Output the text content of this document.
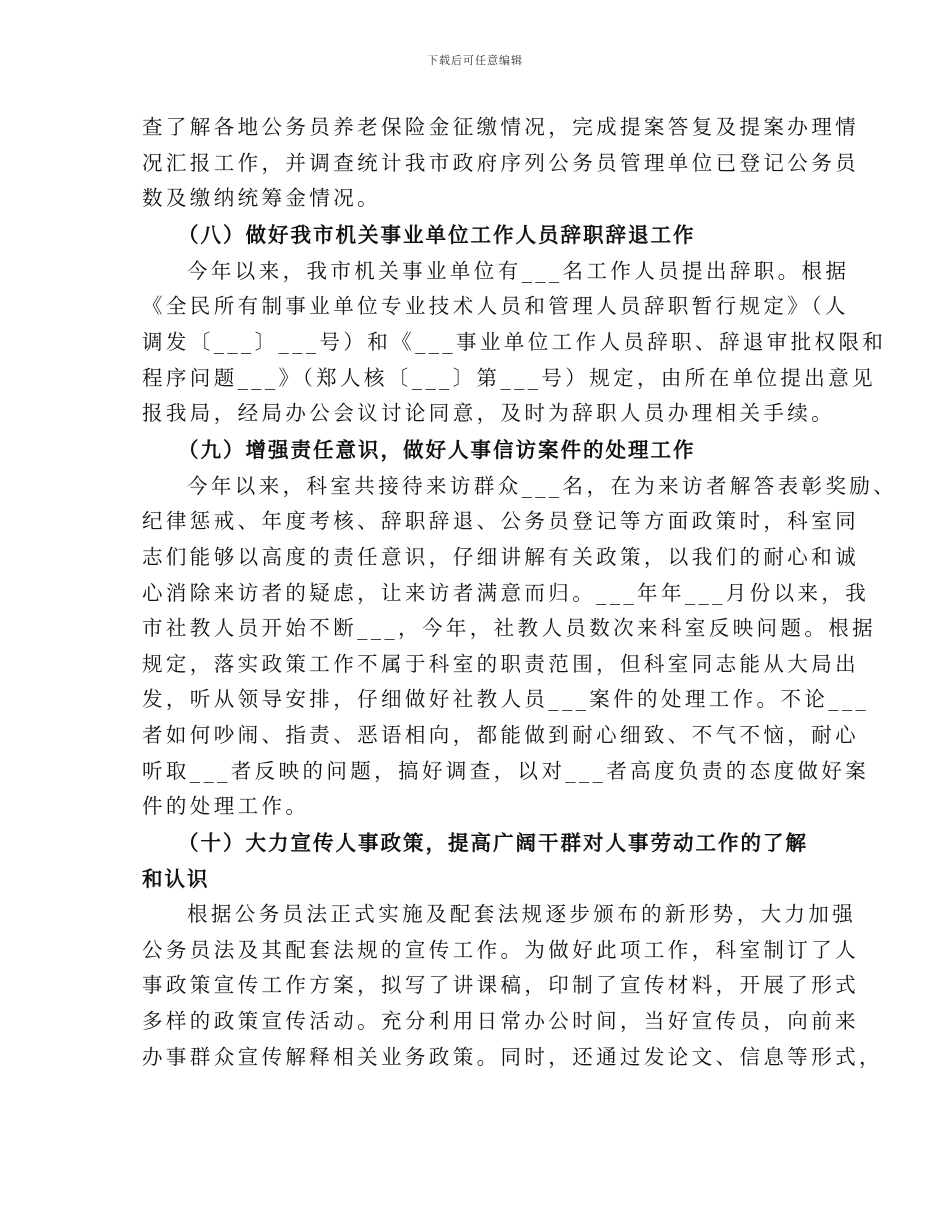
下载后可任意编辑
查了解各地公务员养老保险金征缴情况，完成提案答复及提案办理情
况汇报工作，并调查统计我市政府序列公务员管理单位已登记公务员
数及缴纳统筹金情况。
（八）做好我市机关事业单位工作人员辞职辞退工作
今年以来，我市机关事业单位有___名工作人员提出辞职。根据
《全民所有制事业单位专业技术人员和管理人员辞职暂行规定》（人
调发〔___〕___号）和《___事业单位工作人员辞职、辞退审批权限和
程序问题___》（郑人核〔___〕第___号）规定，由所在单位提出意见
报我局，经局办公会议讨论同意，及时为辞职人员办理相关手续。
（九）增强责任意识，做好人事信访案件的处理工作
今年以来，科室共接待来访群众___名，在为来访者解答表彰奖励、
纪律惩戒、年度考核、辞职辞退、公务员登记等方面政策时，科室同
志们能够以高度的责任意识，仔细讲解有关政策，以我们的耐心和诚
心消除来访者的疑虑，让来访者满意而归。___年年___月份以来，我
市社教人员开始不断___，今年，社教人员数次来科室反映问题。根据
规定，落实政策工作不属于科室的职责范围，但科室同志能从大局出
发，听从领导安排，仔细做好社教人员___案件的处理工作。不论___
者如何吵闹、指责、恶语相向，都能做到耐心细致、不气不恼，耐心
听取___者反映的问题，搞好调查，以对___者高度负责的态度做好案
件的处理工作。
（十）大力宣传人事政策，提高广阔干群对人事劳动工作的了解
和认识
根据公务员法正式实施及配套法规逐步颁布的新形势，大力加强
公务员法及其配套法规的宣传工作。为做好此项工作，科室制订了人
事政策宣传工作方案，拟写了讲课稿，印制了宣传材料，开展了形式
多样的政策宣传活动。充分利用日常办公时间，当好宣传员，向前来
办事群众宣传解释相关业务政策。同时，还通过发论文、信息等形式，
